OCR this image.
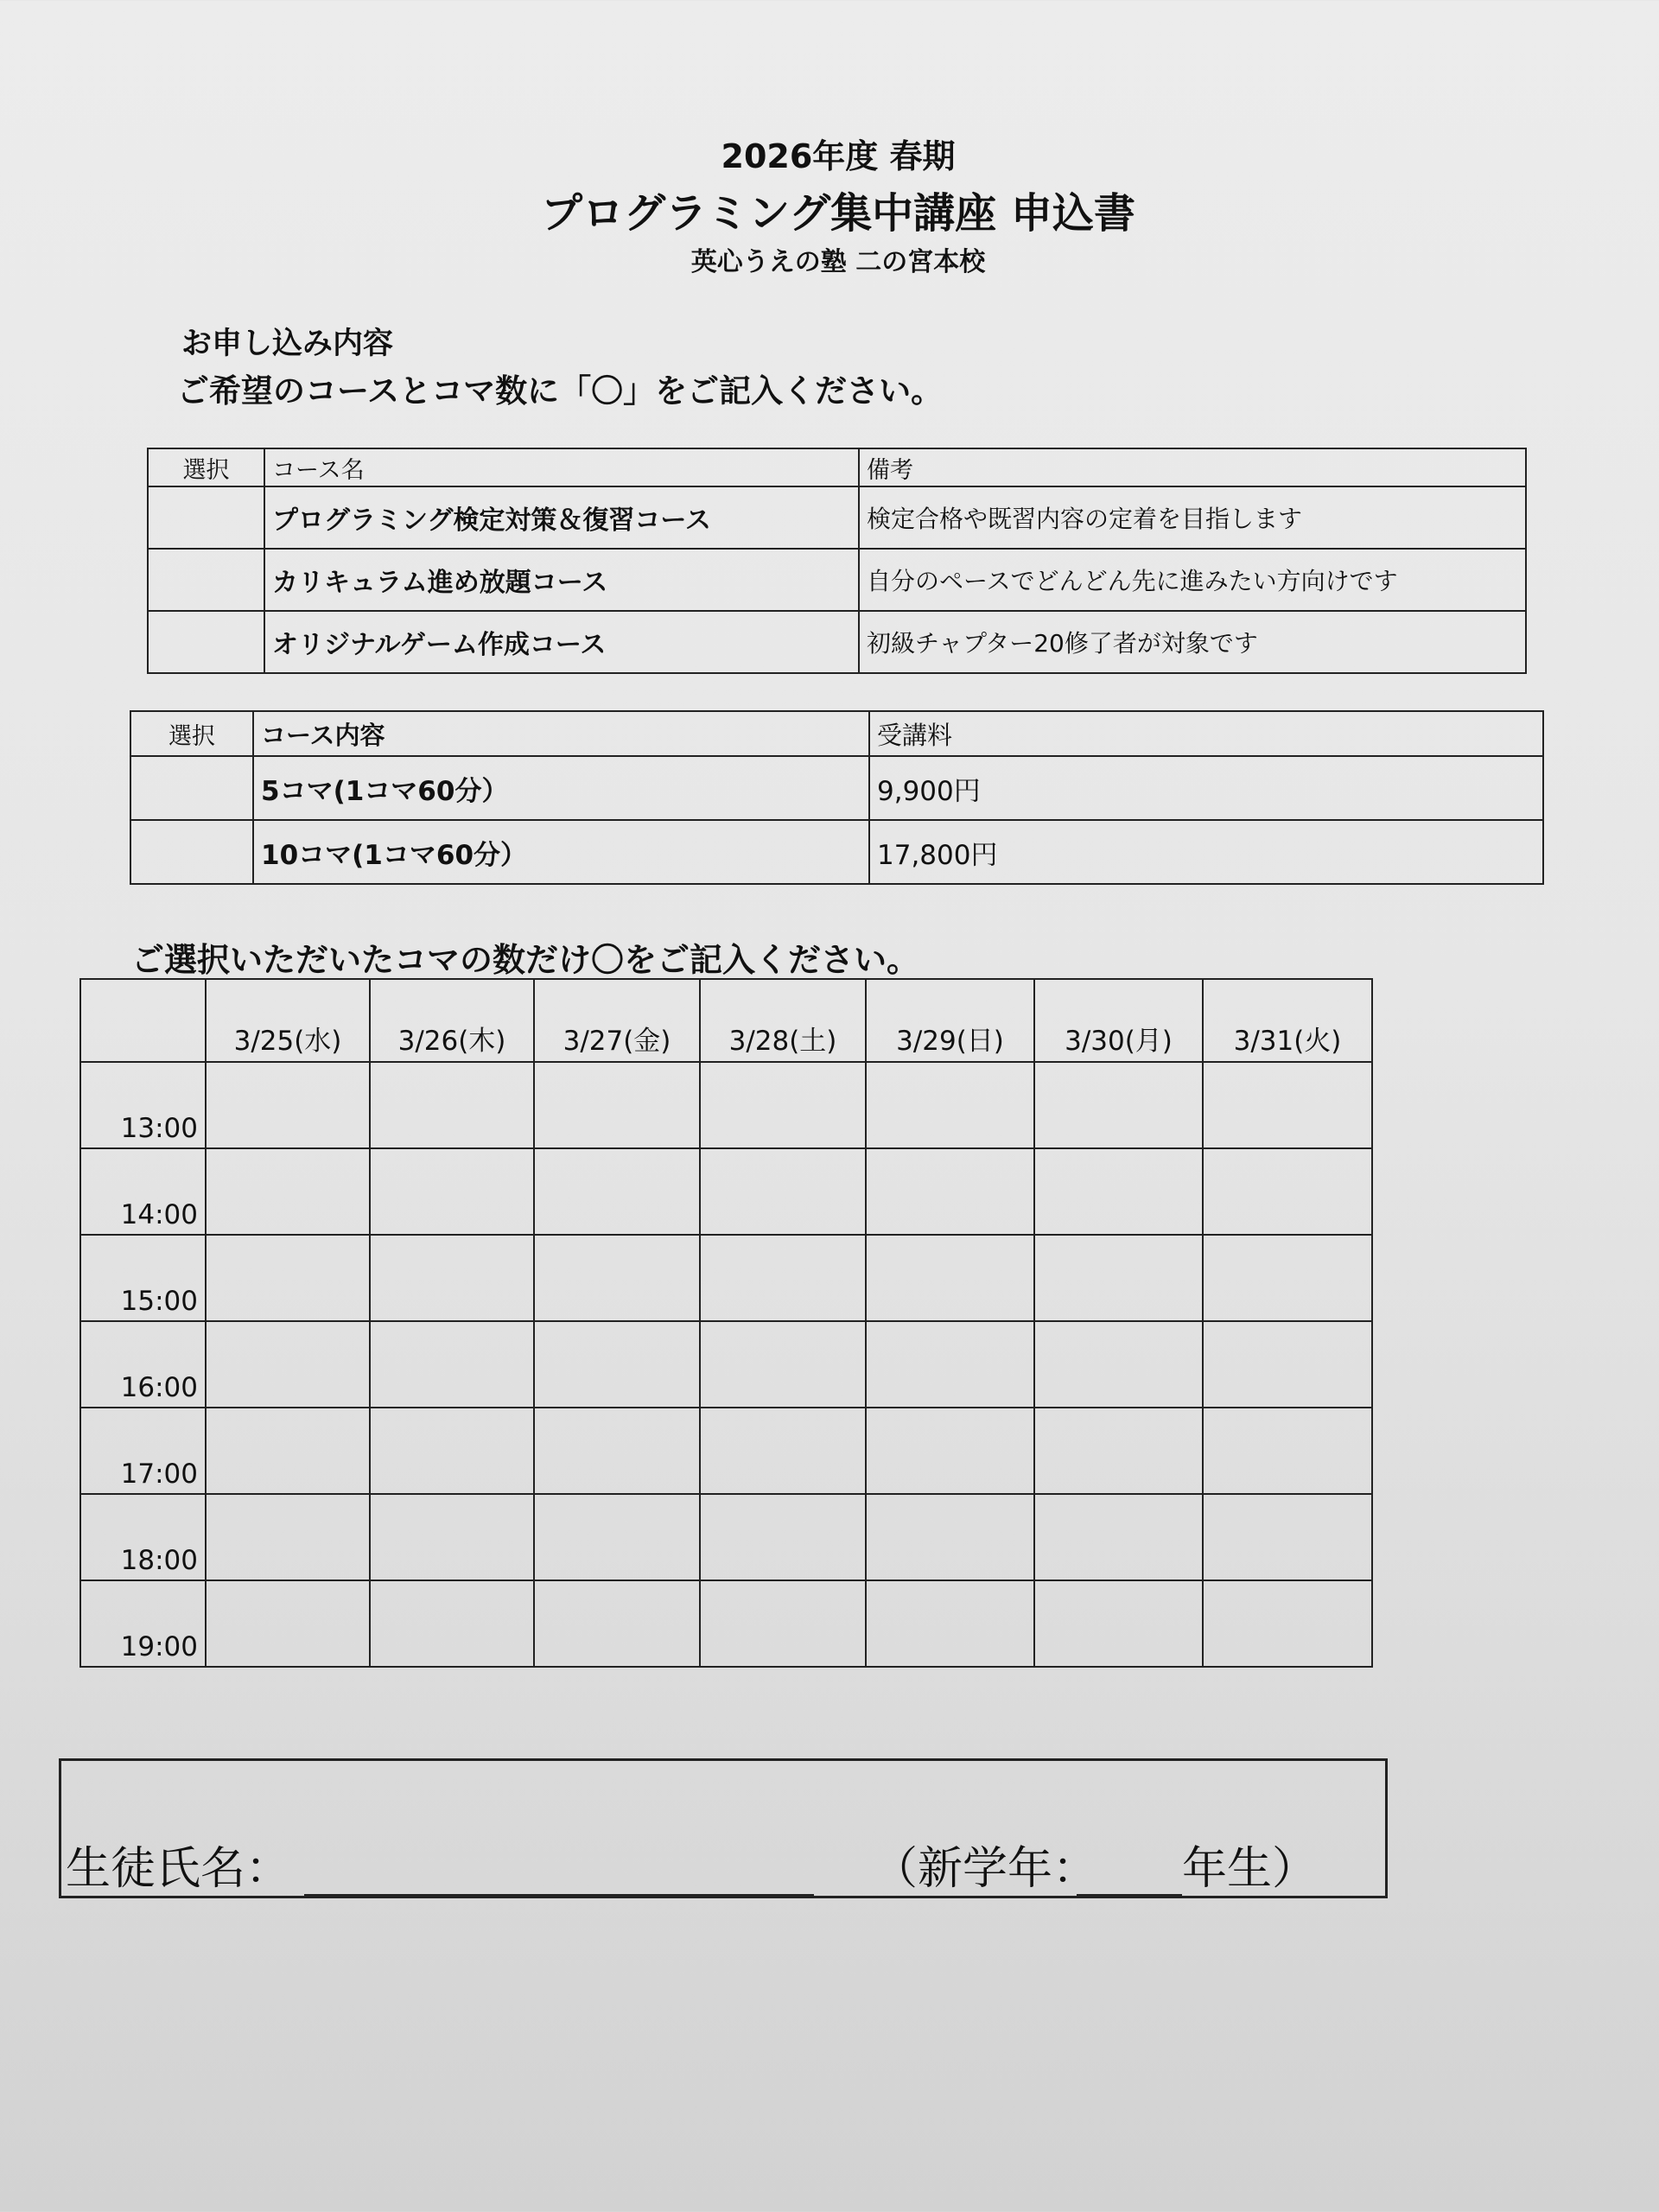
2026年度 春期
プログラミング集中講座 申込書
英心うえの塾 二の宮本校
お申し込み内容
ご希望のコースとコマ数に「〇」をご記入ください。
選択	コース名	備考
	プログラミング検定対策＆復習コース	検定合格や既習内容の定着を目指します
	カリキュラム進め放題コース	自分のペースでどんどん先に進みたい方向けです
	オリジナルゲーム作成コース	初級チャプター20修了者が対象です
選択	コース内容	受講料
	5コマ(1コマ60分）	9,900円
	10コマ(1コマ60分）	17,800円
ご選択いただいたコマの数だけ〇をご記入ください。
	3/25(水)	3/26(木)	3/27(金)	3/28(土)	3/29(日)	3/30(月)	3/31(火)
13:00							
14:00							
15:00							
16:00							
17:00							
18:00							
19:00							
生徒氏名：	（新学年： 年生）
